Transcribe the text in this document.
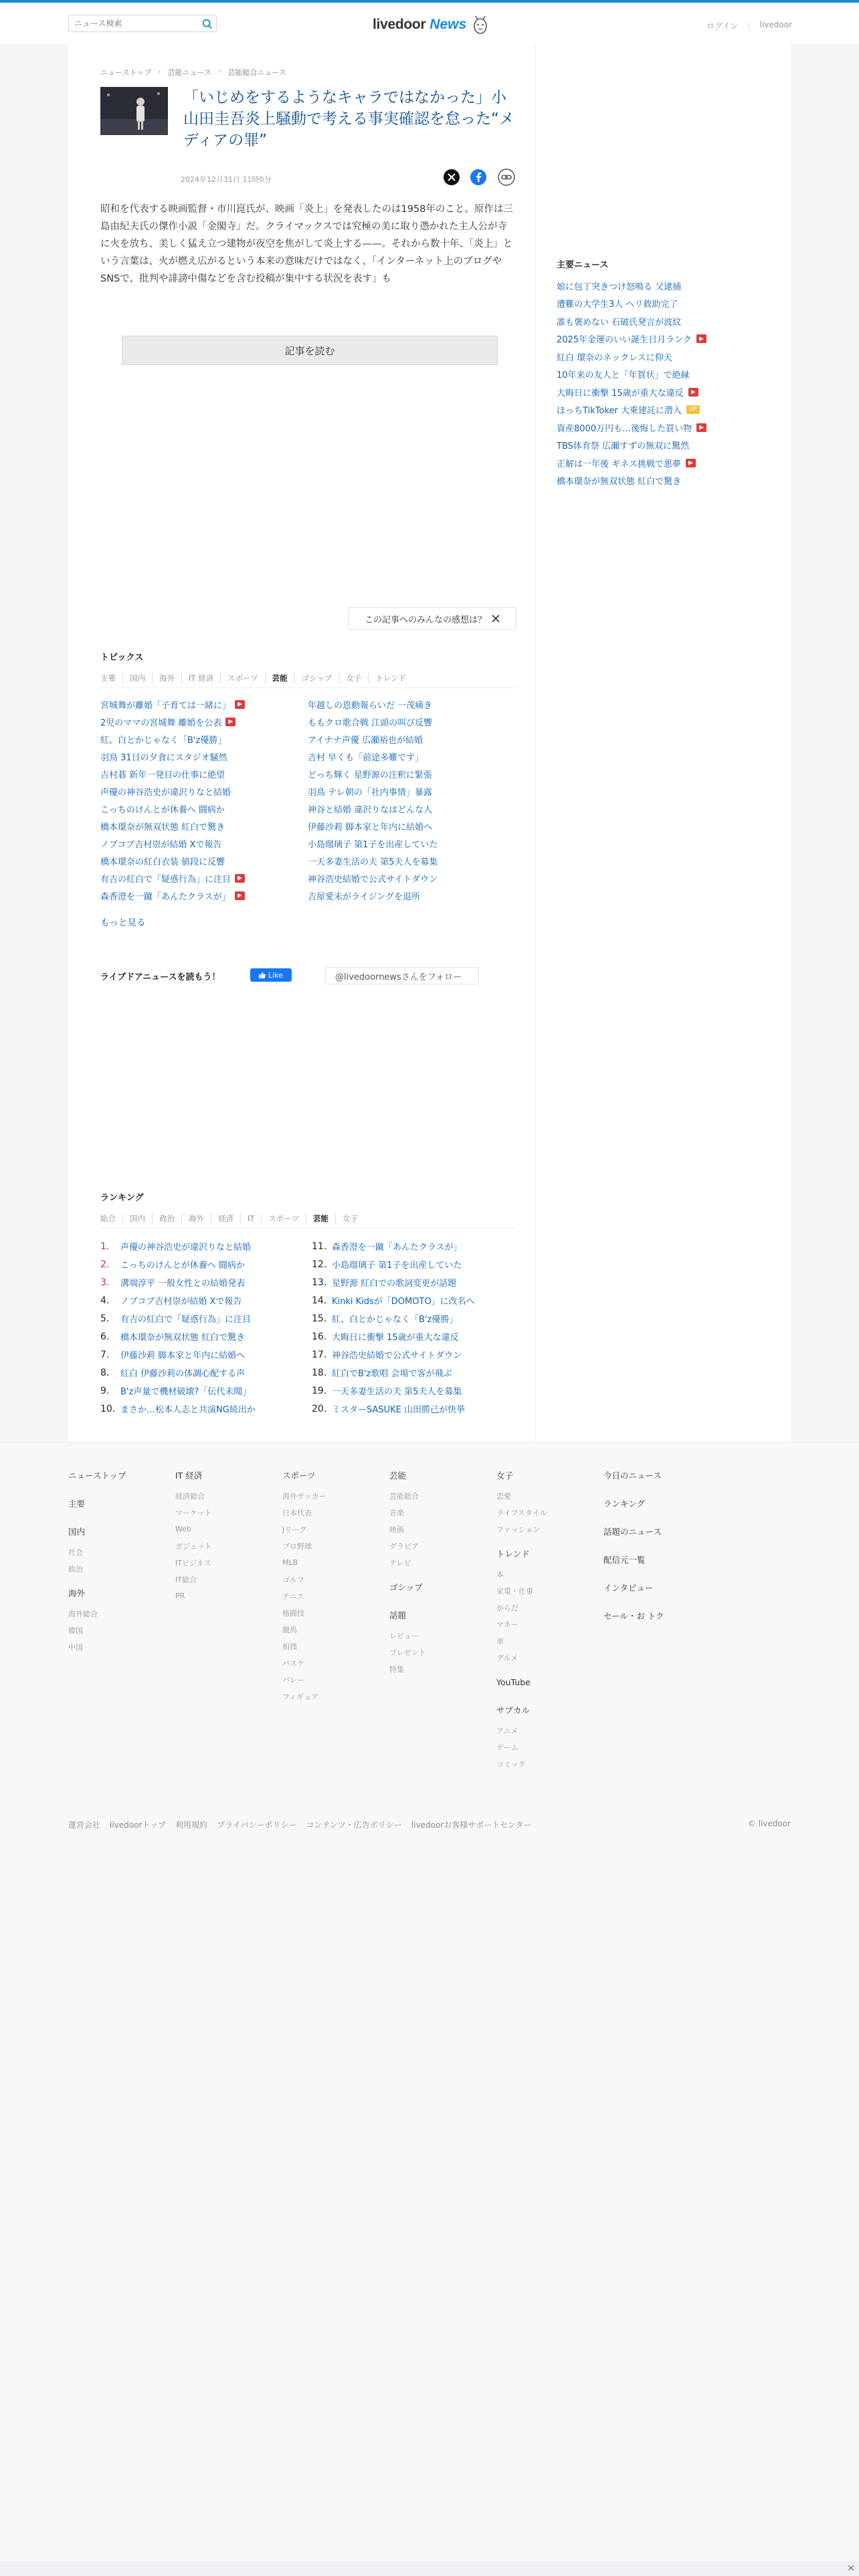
ニュース検索
livedoor News	ログイン | livedoor
ニューストップ › 芸能ニュース › 芸能総合ニュース
「いじめをするようなキャラではなかった」小山田圭吾炎上騒動で考える事実確認を怠った“メディアの罪”
2024年12月31日 11時0分

昭和を代表する映画監督・市川崑氏が、映画「炎上」を発表したのは1958年のこと。原作は三島由紀夫氏の傑作小説「金閣寺」だ。クライマックスでは究極の美に取り憑かれた主人公が寺に火を放ち、美しく猛え立つ建物が夜空を焦がして炎上する——。それから数十年、「炎上」という言葉は、火が燃え広がるという本来の意味だけではなく、「インターネット上のブログやSNSで、批判や誹謗中傷などを含む投稿が集中する状況を表す」も

記事を読む
この記事へのみんなの感想は？
トピックス
主要	国内	海外	IT 経済	スポーツ	芸能	ゴシップ	女子	トレンド
宮城舞が離婚「子育ては一緒に」	年越しの恩動報らいだ 一茂痛き
2児のママの宮城舞 離婚を公表	ももクロ歌合戦 江頭の叫び反響
紅、白とかじゃなく「B'z優勝」	アイナナ声優 広瀬裕也が結婚
羽鳥 31日の夕食にスタジオ騒然	吉村 早くも「前途多難です」
吉村碁 新年一発目の仕事に絶望	どっち輝く 星野源の注釈に緊張
声優の神谷浩史が違沢りなと結婚	羽鳥 テレ朝の「社内事情」暴露
こっちのけんとが休養へ 闘病か	神谷と結婚 違沢りなはどんな人
橋本環奈が無双状態 紅白で驚き	伊藤沙莉 脚本家と年内に結婚へ
ノブコブ吉村崇が結婚 Xで報告	小島瑠璃子 第1子を出産していた
橋本環奈の紅白衣装 値段に反響	一天多妻生活の夫 第5夫人を募集
有吉の紅白で「疑惑行為」に注目	神谷浩史結婚で公式サイトダウン
森香澄を一蹴「あんたクラスが」	吉屋愛未がライジングを退所
もっと見る
ライブドアニュースを読もう！	Like	@livedoornewsさんをフォロー
ランキング
総合	国内	政治	海外	経済	IT	スポーツ	芸能	女子
1.	声優の神谷浩史が違沢りなと結婚	11. 森香澄を一蹴「あんたクラスが」
2.	こっちのけんとが休養へ 闘病か	12. 小島瑠璃子 第1子を出産していた
3.	溝端淳平 一般女性との結婚発表	13. 星野源 紅白での歌詞変更が話題
4.	ノブコブ吉村崇が結婚 Xで報告	14. Kinki Kidsが「DOMOTO」に改名へ
5.	有吉の紅白で「疑惑行為」に注目	15. 紅、白とかじゃなく「B'z優勝」
6.	橋本環奈が無双状態 紅白で驚き	16. 大晦日に衝撃 15歳が重大な違反
7.	伊藤沙莉 脚本家と年内に結婚へ	17. 神谷浩史結婚で公式サイトダウン
8.	紅白 伊藤沙莉の体調心配する声	18. 紅白でB'z歌唱 会場で客が飛ぶ
9.	B'z声量で機材破壊?「伝代未聞」	19. 一天多妻生活の夫 第5夫人を募集
10. まさか…松本人志と共演NG続出か	20. ミスターSASUKE 山田勝己が快挙
主要ニュース
娘に包丁突きつけ怒鳴る 父逮捕
遭難の大学生3人 ヘリ救助完了
誰も褒めない 石破氏発言が波紋
2025年金運のいい誕生日月ランク
紅白 環奈のネックレスに仰天
10年来の友人と「年賀状」で絶縁
大晦日に衝撃 15歳が重大な違反
ほっちTikToker 大乗建託に潜入	UP
資産8000万円も…後悔した買い物
TBS体育祭 広瀬すずの無双に驚然
正解は一年後 ギネス挑戦で悪夢
橋本環奈が無双状態 紅白で驚き
ニューストップ
主要
国内
社会
政治
海外
海外総合
韓国
中国
IT 経済
経済総合
マーケット
Web
ガジェット
ITビジネス
IT総合
PR
スポーツ
海外サッカー
日本代表
Jリーグ
プロ野球
MLB
ゴルフ
テニス
格闘技
競馬
相撲
バスケ
バレー
フィギュア
芸能
芸能総合
音楽
映画
グラビア
テレビ
ゴシップ
話題
レビュー
プレゼント
特集
女子
恋愛
ライフスタイル
ファッション
トレンド
本
家電・仕事
からだ
マネー
車
グルメ
YouTube
サブカル
アニメ
ゲーム
コミック
今日のニュース
ランキング
話題のニュース
配信元一覧
インタビュー
セール・お トク
運営会社 livedoorトップ 利用規約 プライバシーポリシー コンテンツ・広告ポリシー livedoorお客様サポートセンター	© livedoor
✕
